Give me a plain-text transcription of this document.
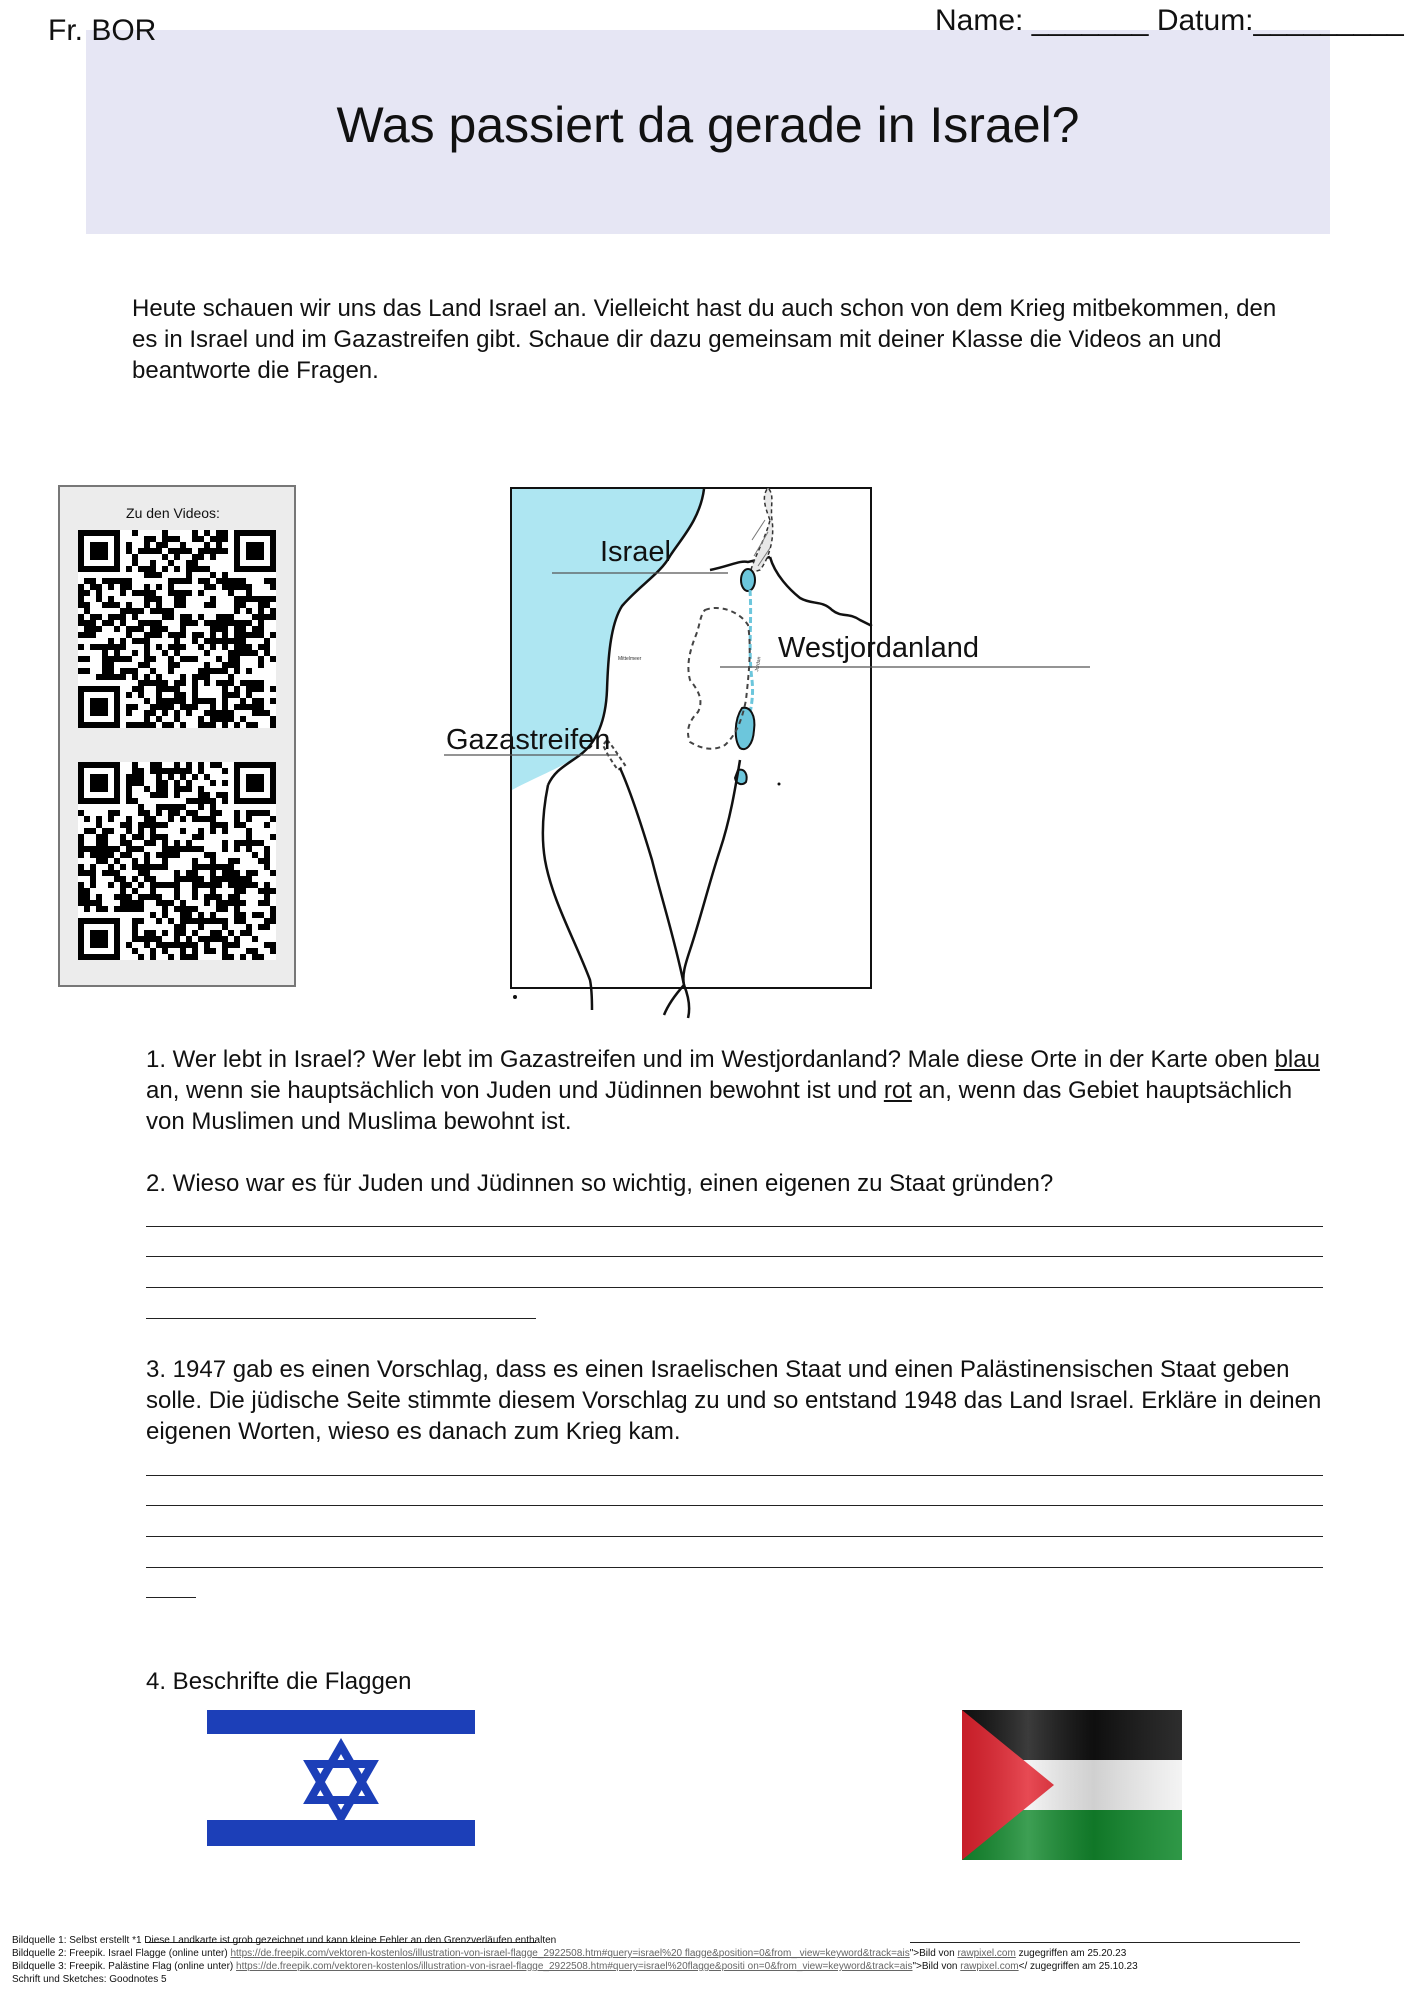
Fr. BOR	Name: _______ Datum:_________
Was passiert da gerade in Israel?
Heute schauen wir uns das Land Israel an. Vielleicht hast du auch schon von dem Krieg mitbekommen, den es in Israel und im Gazastreifen gibt. Schaue dir dazu gemeinsam mit deiner Klasse die Videos an und beantworte die Fragen.
Zu den Videos:
Mittelmeer	Jordan
Israel
Westjordanland
Gazastreifen
1. Wer lebt in Israel? Wer lebt im Gazastreifen und im Westjordanland? Male diese Orte in der Karte oben blau an, wenn sie hauptsächlich von Juden und Jüdinnen bewohnt ist und rot an, wenn das Gebiet hauptsächlich von Muslimen und Muslima bewohnt ist.
2. Wieso war es für Juden und Jüdinnen so wichtig, einen eigenen zu Staat gründen?
3. 1947 gab es einen Vorschlag, dass es einen Israelischen Staat und einen Palästinensischen Staat geben solle. Die jüdische Seite stimmte diesem Vorschlag zu und so entstand 1948 das Land Israel. Erkläre in deinen eigenen Worten, wieso es danach zum Krieg kam.
4. Beschrifte die Flaggen
Bildquelle 1: Selbst erstellt *1 Diese Landkarte ist grob gezeichnet und kann kleine Fehler an den Grenzverläufen enthalten
Bildquelle 2: Freepik. Israel Flagge (online unter) https://de.freepik.com/vektoren-kostenlos/illustration-von-israel-flagge_2922508.htm#query=israel%20 flagge&position=0&from_ view=keyword&track=ais">Bild von rawpixel.com zugegriffen am 25.20.23
Bildquelle 3: Freepik. Palästine Flag (online unter) https://de.freepik.com/vektoren-kostenlos/illustration-von-israel-flagge_2922508.htm#query=israel%20flagge&positi on=0&from_view=keyword&track=ais">Bild von rawpixel.com</ zugegriffen am 25.10.23
Schrift und Sketches: Goodnotes 5
